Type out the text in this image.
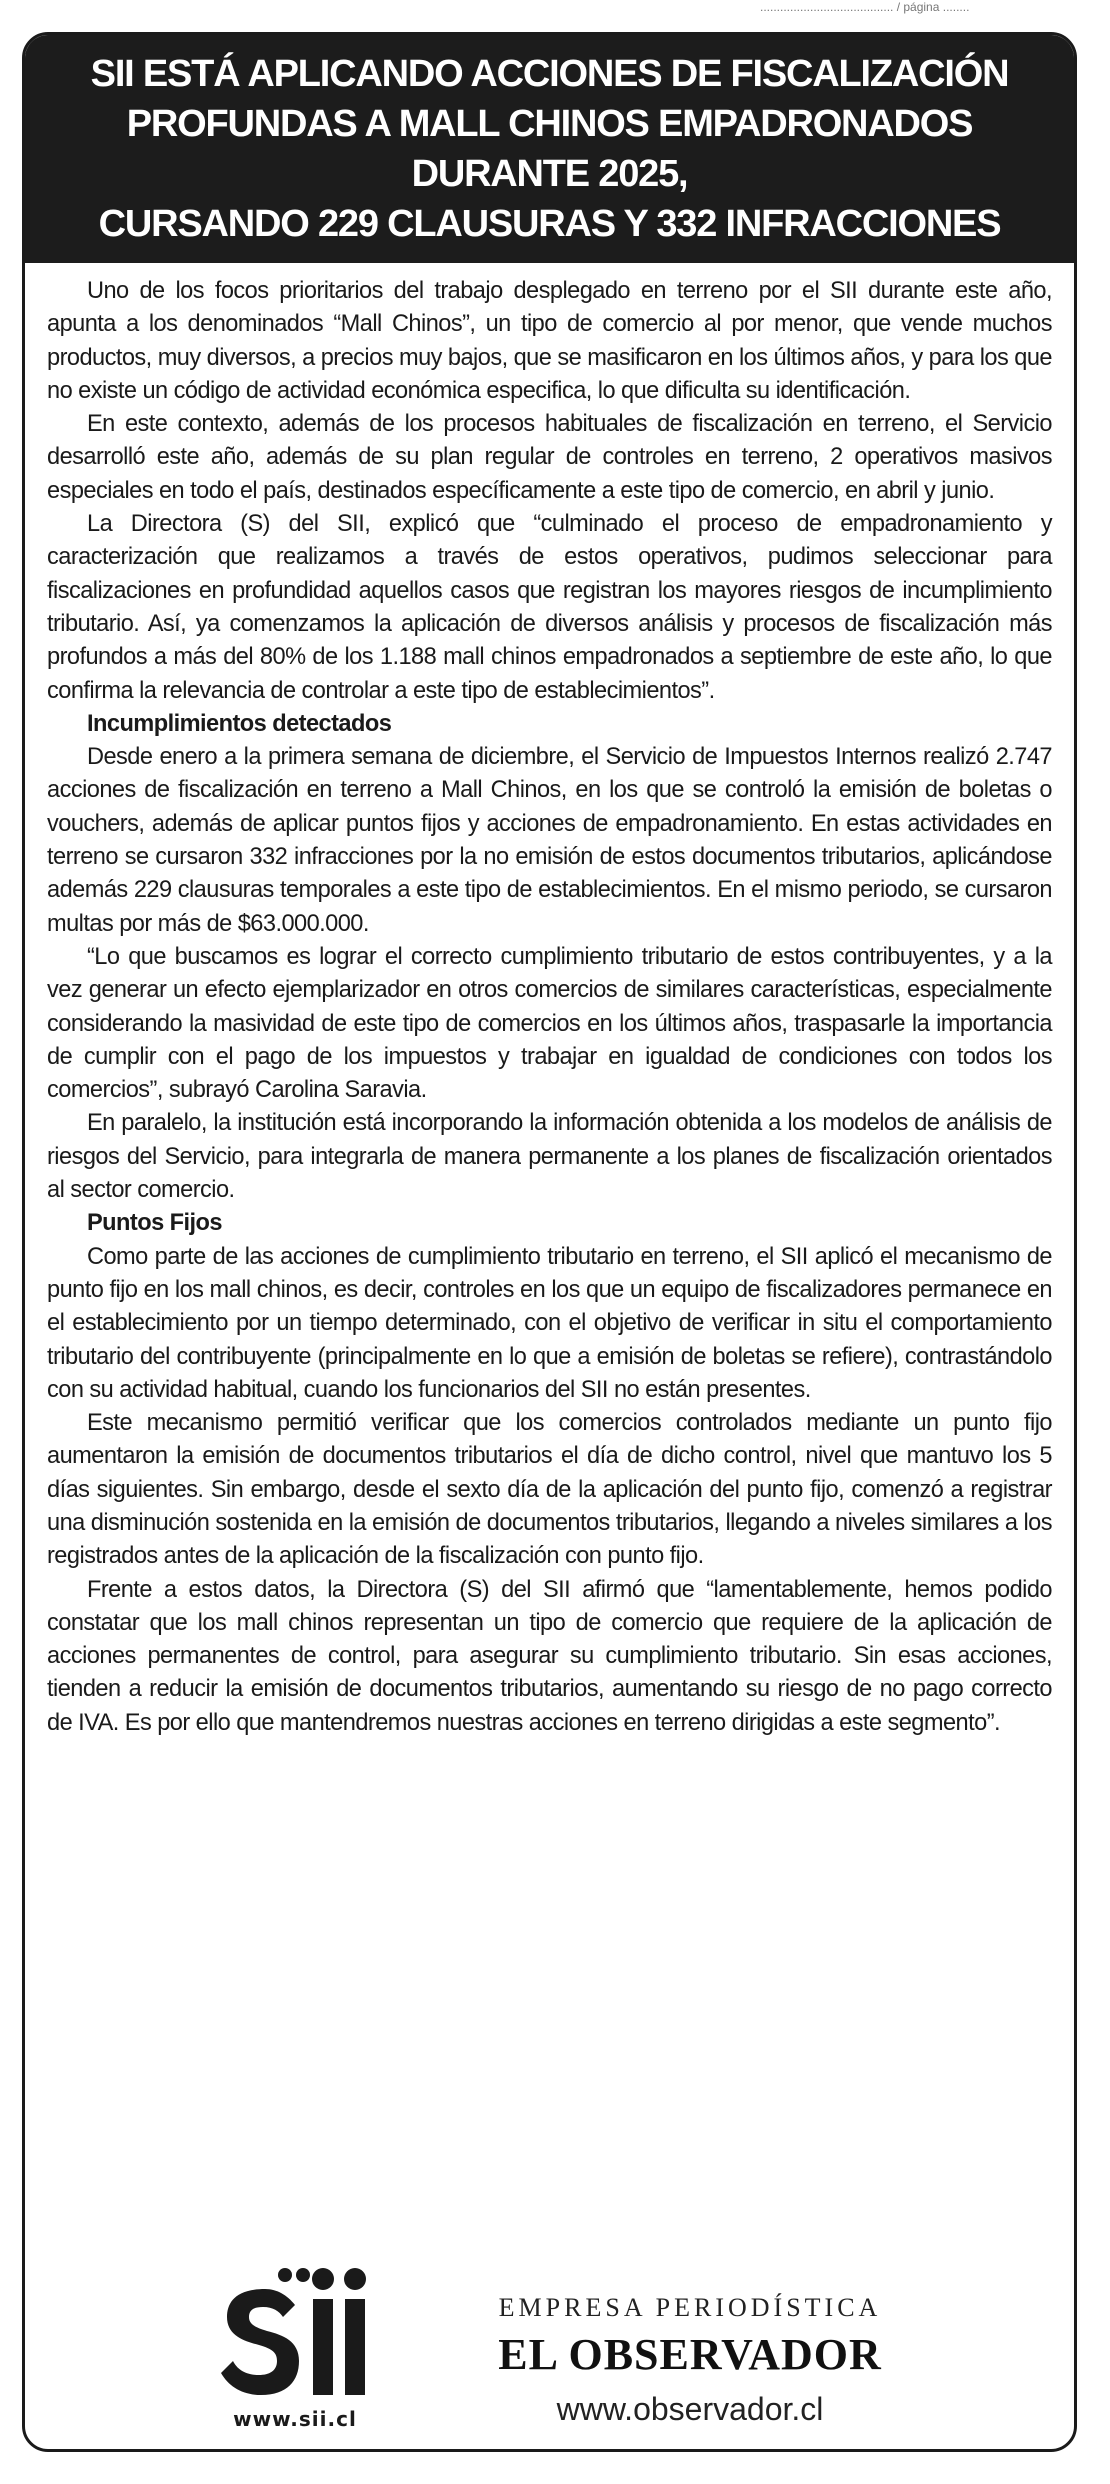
........................................ / página ........
SII ESTÁ APLICANDO ACCIONES DE FISCALIZACIÓN
PROFUNDAS A MALL CHINOS EMPADRONADOS DURANTE 2025,
CURSANDO 229 CLAUSURAS Y 332 INFRACCIONES

Uno de los focos prioritarios del trabajo desplegado en terreno por el SII durante este año, apunta a los denominados “Mall Chinos”, un tipo de comercio al por menor, que vende muchos productos, muy diversos, a precios muy bajos, que se masificaron en los últimos años, y para los que no existe un código de actividad económica especifica, lo que dificulta su identificación.

En este contexto, además de los procesos habituales de fiscalización en terreno, el Servicio desarrolló este año, además de su plan regular de controles en terreno, 2 operativos masivos especiales en todo el país, destinados específicamente a este tipo de comercio, en abril y junio.

La Directora (S) del SII, explicó que “culminado el proceso de empadronamiento y caracterización que realizamos a través de estos operativos, pudimos seleccionar para fiscalizaciones en profundidad aquellos casos que registran los mayores riesgos de incumplimiento tributario. Así, ya comenzamos la aplicación de diversos análisis y procesos de fiscalización más profundos a más del 80% de los 1.188 mall chinos empadronados a septiembre de este año, lo que confirma la relevancia de controlar a este tipo de establecimientos”.

Incumplimientos detectados

Desde enero a la primera semana de diciembre, el Servicio de Impuestos Internos realizó 2.747 acciones de fiscalización en terreno a Mall Chinos, en los que se controló la emisión de boletas o vouchers, además de aplicar puntos fijos y acciones de empadronamiento. En estas actividades en terreno se cursaron 332 infracciones por la no emisión de estos documentos tributarios, aplicándose además 229 clausuras temporales a este tipo de establecimientos. En el mismo periodo, se cursaron multas por más de $63.000.000.

“Lo que buscamos es lograr el correcto cumplimiento tributario de estos contribuyentes, y a la vez generar un efecto ejemplarizador en otros comercios de similares características, especialmente considerando la masividad de este tipo de comercios en los últimos años, traspasarle la importancia de cumplir con el pago de los impuestos y trabajar en igualdad de condiciones con todos los comercios”, subrayó Carolina Saravia.

En paralelo, la institución está incorporando la información obtenida a los modelos de análisis de riesgos del Servicio, para integrarla de manera permanente a los planes de fiscalización orientados al sector comercio.

Puntos Fijos

Como parte de las acciones de cumplimiento tributario en terreno, el SII aplicó el mecanismo de punto fijo en los mall chinos, es decir, controles en los que un equipo de fiscalizadores permanece en el establecimiento por un tiempo determinado, con el objetivo de verificar in situ el comportamiento tributario del contribuyente (principalmente en lo que a emisión de boletas se refiere), contrastándolo con su actividad habitual, cuando los funcionarios del SII no están presentes.

Este mecanismo permitió verificar que los comercios controlados mediante un punto fijo aumentaron la emisión de documentos tributarios el día de dicho control, nivel que mantuvo los 5 días siguientes. Sin embargo, desde el sexto día de la aplicación del punto fijo, comenzó a registrar una disminución sostenida en la emisión de documentos tributarios, llegando a niveles similares a los registrados antes de la aplicación de la fiscalización con punto fijo.

Frente a estos datos, la Directora (S) del SII afirmó que “lamentablemente, hemos podido constatar que los mall chinos representan un tipo de comercio que requiere de la aplicación de acciones permanentes de control, para asegurar su cumplimiento tributario. Sin esas acciones, tienden a reducir la emisión de documentos tributarios, aumentando su riesgo de no pago correcto de IVA. Es por ello que mantendremos nuestras acciones en terreno dirigidas a este segmento”.

www.sii.cl
EMPRESA PERIODÍSTICA
EL OBSERVADOR
www.observador.cl
